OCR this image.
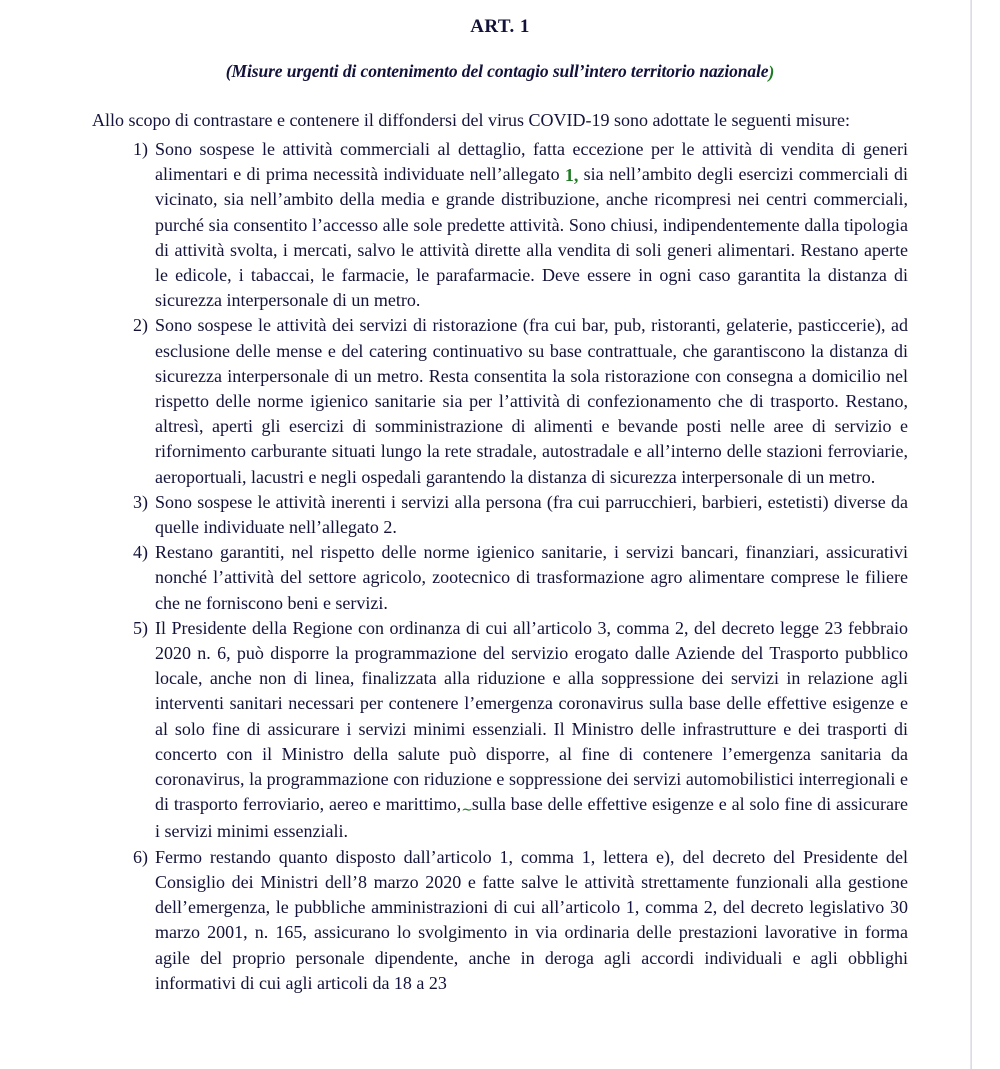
ART. 1

(Misure urgenti di contenimento del contagio sull’intero territorio nazionale)

Allo scopo di contrastare e contenere il diffondersi del virus COVID-19 sono adottate le seguenti misure:

1) Sono sospese le attività commerciali al dettaglio, fatta eccezione per le attività di vendita di generi alimentari e di prima necessità individuate nell’allegato 1, sia nell’ambito degli esercizi commerciali di vicinato, sia nell’ambito della media e grande distribuzione, anche ricompresi nei centri commerciali, purché sia consentito l’accesso alle sole predette attività. Sono chiusi, indipendentemente dalla tipologia di attività svolta, i mercati, salvo le attività dirette alla vendita di soli generi alimentari. Restano aperte le edicole, i tabaccai, le farmacie, le parafarmacie. Deve essere in ogni caso garantita la distanza di sicurezza interpersonale di un metro.
2) Sono sospese le attività dei servizi di ristorazione (fra cui bar, pub, ristoranti, gelaterie, pasticcerie), ad esclusione delle mense e del catering continuativo su base contrattuale, che garantiscono la distanza di sicurezza interpersonale di un metro. Resta consentita la sola ristorazione con consegna a domicilio nel rispetto delle norme igienico sanitarie sia per l’attività di confezionamento che di trasporto. Restano, altresì, aperti gli esercizi di somministrazione di alimenti e bevande posti nelle aree di servizio e rifornimento carburante situati lungo la rete stradale, autostradale e all’interno delle stazioni ferroviarie, aeroportuali, lacustri e negli ospedali garantendo la distanza di sicurezza interpersonale di un metro.
3) Sono sospese le attività inerenti i servizi alla persona (fra cui parrucchieri, barbieri, estetisti) diverse da quelle individuate nell’allegato 2.
4) Restano garantiti, nel rispetto delle norme igienico sanitarie, i servizi bancari, finanziari, assicurativi nonché l’attività del settore agricolo, zootecnico di trasformazione agro alimentare comprese le filiere che ne forniscono beni e servizi.
5) Il Presidente della Regione con ordinanza di cui all’articolo 3, comma 2, del decreto legge 23 febbraio 2020 n. 6, può disporre la programmazione del servizio erogato dalle Aziende del Trasporto pubblico locale, anche non di linea, finalizzata alla riduzione e alla soppressione dei servizi in relazione agli interventi sanitari necessari per contenere l’emergenza coronavirus sulla base delle effettive esigenze e al solo fine di assicurare i servizi minimi essenziali. Il Ministro delle infrastrutture e dei trasporti di concerto con il Ministro della salute può disporre, al fine di contenere l’emergenza sanitaria da coronavirus, la programmazione con riduzione e soppressione dei servizi automobilistici interregionali e di trasporto ferroviario, aereo e marittimo,∼sulla base delle effettive esigenze e al solo fine di assicurare i servizi minimi essenziali.
6) Fermo restando quanto disposto dall’articolo 1, comma 1, lettera e), del decreto del Presidente del Consiglio dei Ministri dell’8 marzo 2020 e fatte salve le attività strettamente funzionali alla gestione dell’emergenza, le pubbliche amministrazioni di cui all’articolo 1, comma 2, del decreto legislativo 30 marzo 2001, n. 165, assicurano lo svolgimento in via ordinaria delle prestazioni lavorative in forma agile del proprio personale dipendente, anche in deroga agli accordi individuali e agli obblighi informativi di cui agli articoli da 18 a 23
